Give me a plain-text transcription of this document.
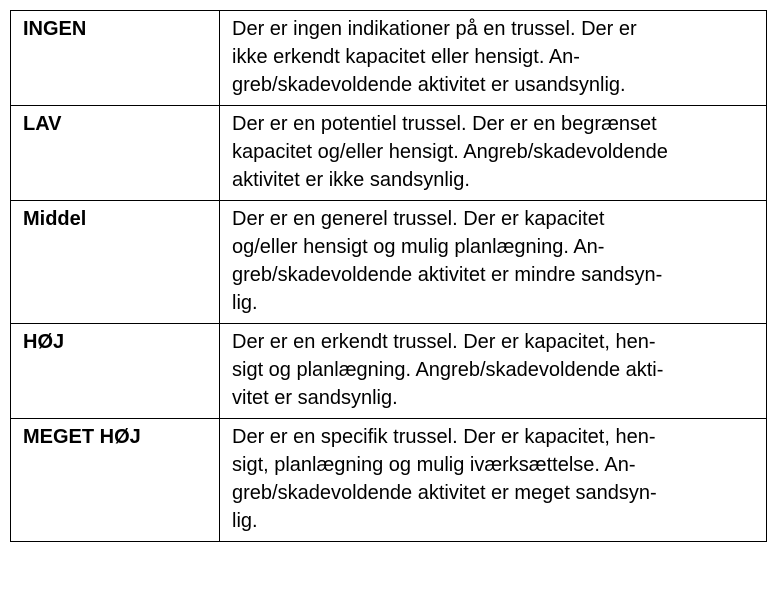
INGEN	Der er ingen indikationer på en trussel. Der er
ikke erkendt kapacitet eller hensigt. An-
greb/skadevoldende aktivitet er usandsynlig.

LAV	Der er en potentiel trussel. Der er en begrænset
kapacitet og/eller hensigt. Angreb/skadevoldende
aktivitet er ikke sandsynlig.

Middel	Der er en generel trussel. Der er kapacitet
og/eller hensigt og mulig planlægning. An-
greb/skadevoldende aktivitet er mindre sandsyn-
lig.

HØJ	Der er en erkendt trussel. Der er kapacitet, hen-
sigt og planlægning. Angreb/skadevoldende akti-
vitet er sandsynlig.

MEGET HØJ	Der er en specifik trussel. Der er kapacitet, hen-
sigt, planlægning og mulig iværksættelse. An-
greb/skadevoldende aktivitet er meget sandsyn-
lig.
